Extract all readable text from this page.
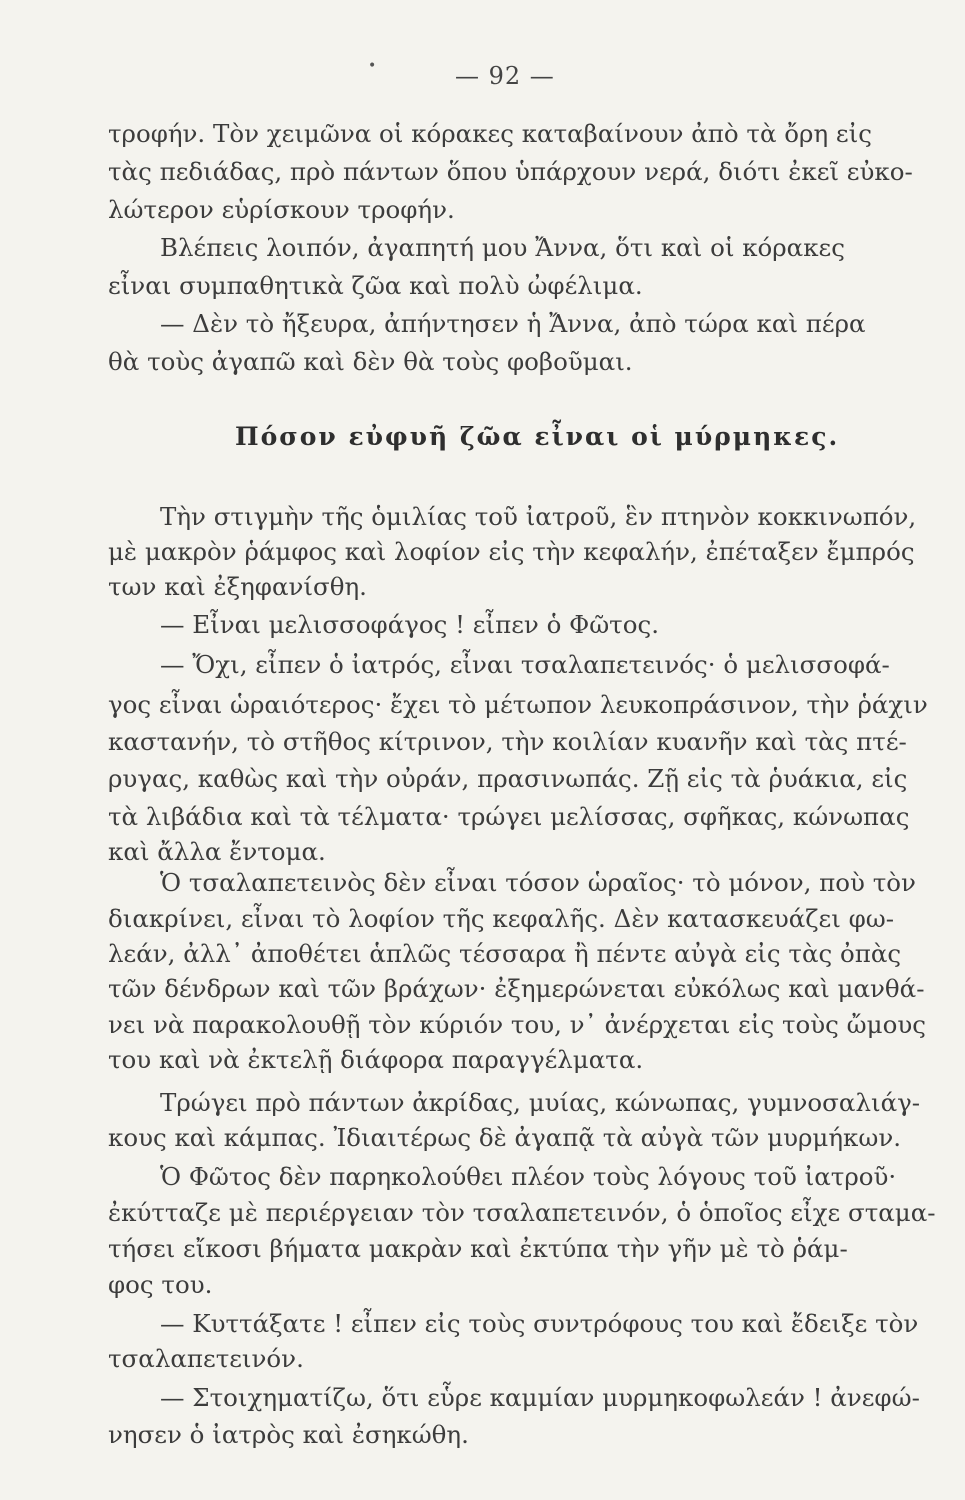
•	— 92 —
τροφήν. Τὸν χειμῶνα οἱ κόρακες καταβαίνουν ἀπὸ τὰ ὄρη εἰς
τὰς πεδιάδας, πρὸ πάντων ὅπου ὑπάρχουν νερά, διότι ἐκεῖ εὐκο-
λώτερον εὑρίσκουν τροφήν.
Βλέπεις λοιπόν, ἀγαπητή μου Ἄννα, ὅτι καὶ οἱ κόρακες
εἶναι συμπαθητικὰ ζῶα καὶ πολὺ ὠφέλιμα.
— Δὲν τὸ ἤξευρα, ἀπήντησεν ἡ Ἄννα, ἀπὸ τώρα καὶ πέρα
θὰ τοὺς ἀγαπῶ καὶ δὲν θὰ τοὺς φοβοῦμαι.
Πόσον εὐφυῆ ζῶα εἶναι οἱ μύρμηκες.
Τὴν στιγμὴν τῆς ὁμιλίας τοῦ ἰατροῦ, ἓν πτηνὸν κοκκινωπόν,
μὲ μακρὸν ῥάμφος καὶ λοφίον εἰς τὴν κεφαλήν, ἐπέταξεν ἔμπρός
των καὶ ἐξηφανίσθη.
— Εἶναι μελισσοφάγος ! εἶπεν ὁ Φῶτος.
— Ὄχι, εἶπεν ὁ ἰατρός, εἶναι τσαλαπετεινός· ὁ μελισσοφά-
γος εἶναι ὡραιότερος· ἔχει τὸ μέτωπον λευκοπράσινον, τὴν ῥάχιν
καστανήν, τὸ στῆθος κίτρινον, τὴν κοιλίαν κυανῆν καὶ τὰς πτέ-
ρυγας, καθὼς καὶ τὴν οὐράν, πρασινωπάς. Ζῇ εἰς τὰ ῥυάκια, εἰς
τὰ λιβάδια καὶ τὰ τέλματα· τρώγει μελίσσας, σφῆκας, κώνωπας
καὶ ἄλλα ἔντομα.
Ὁ τσαλαπετεινὸς δὲν εἶναι τόσον ὡραῖος· τὸ μόνον, ποὺ τὸν
διακρίνει, εἶναι τὸ λοφίον τῆς κεφαλῆς. Δὲν κατασκευάζει φω-
λεάν, ἀλλ᾽ ἀποθέτει ἁπλῶς τέσσαρα ἢ πέντε αὐγὰ εἰς τὰς ὀπὰς
τῶν δένδρων καὶ τῶν βράχων· ἐξημερώνεται εὐκόλως καὶ μανθά-
νει νὰ παρακολουθῇ τὸν κύριόν του, ν᾽ ἀνέρχεται εἰς τοὺς ὤμους
του καὶ νὰ ἐκτελῇ διάφορα παραγγέλματα.
Τρώγει πρὸ πάντων ἀκρίδας, μυίας, κώνωπας, γυμνοσαλιάγ-
κους καὶ κάμπας. Ἰδιαιτέρως δὲ ἀγαπᾷ τὰ αὐγὰ τῶν μυρμήκων.
Ὁ Φῶτος δὲν παρηκολούθει πλέον τοὺς λόγους τοῦ ἰατροῦ·
ἐκύτταζε μὲ περιέργειαν τὸν τσαλαπετεινόν, ὁ ὁποῖος εἶχε σταμα-
τήσει εἴκοσι βήματα μακρὰν καὶ ἐκτύπα τὴν γῆν μὲ τὸ ῥάμ-
φος του.
— Κυττάξατε ! εἶπεν εἰς τοὺς συντρόφους του καὶ ἔδειξε τὸν
τσαλαπετεινόν.
— Στοιχηματίζω, ὅτι εὗρε καμμίαν μυρμηκοφωλεάν ! ἀνεφώ-
νησεν ὁ ἰατρὸς καὶ ἐσηκώθη.
